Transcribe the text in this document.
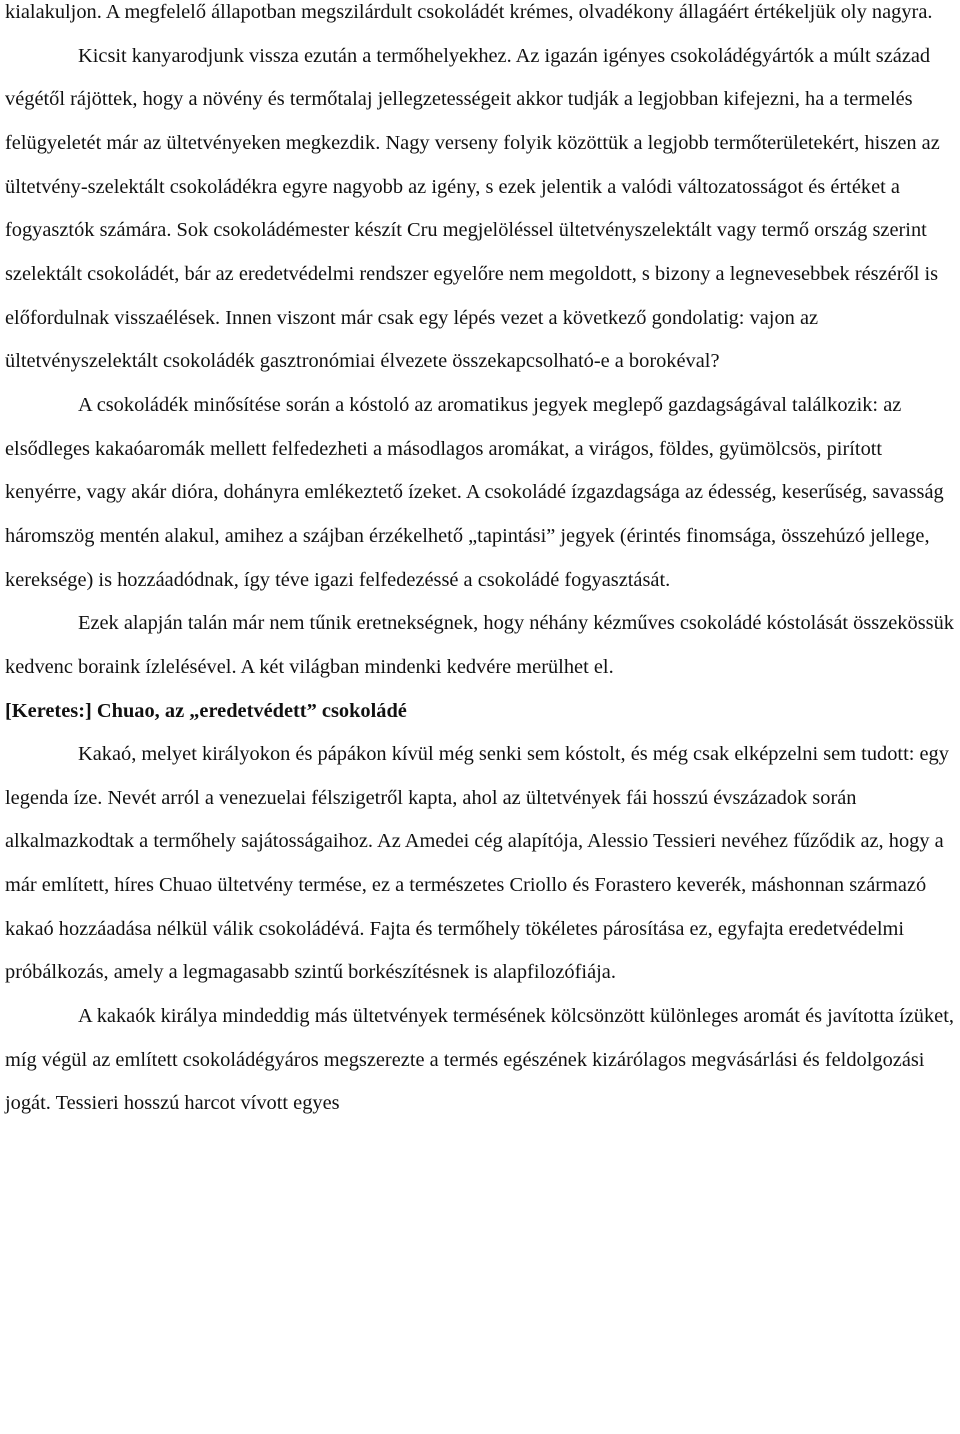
kialakuljon. A megfelelő állapotban megszilárdult csokoládét krémes, olvadékony állagáért értékeljük oly nagyra.

Kicsit kanyarodjunk vissza ezután a termőhelyekhez. Az igazán igényes csokoládégyártók a múlt század végétől rájöttek, hogy a növény és termőtalaj jellegzetességeit akkor tudják a legjobban kifejezni, ha a termelés felügyeletét már az ültetvényeken megkezdik. Nagy verseny folyik közöttük a legjobb termőterületekért, hiszen az ültetvény-szelektált csokoládékra egyre nagyobb az igény, s ezek jelentik a valódi változatosságot és értéket a fogyasztók számára. Sok csokoládémester készít Cru megjelöléssel ültetvényszelektált vagy termő ország szerint szelektált csokoládét, bár az eredetvédelmi rendszer egyelőre nem megoldott, s bizony a legnevesebbek részéről is előfordulnak visszaélések. Innen viszont már csak egy lépés vezet a következő gondolatig: vajon az ültetvényszelektált csokoládék gasztronómiai élvezete összekapcsolható-e a borokéval?

A csokoládék minősítése során a kóstoló az aromatikus jegyek meglepő gazdagságával találkozik: az elsődleges kakaóaromák mellett felfedezheti a másodlagos aromákat, a virágos, földes, gyümölcsös, pirított kenyérre, vagy akár dióra, dohányra emlékeztető ízeket. A csokoládé ízgazdagsága az édesség, keserűség, savasság háromszög mentén alakul, amihez a szájban érzékelhető „tapintási” jegyek (érintés finomsága, összehúzó jellege, kereksége) is hozzáadódnak, így téve igazi felfedezéssé a csokoládé fogyasztását.

Ezek alapján talán már nem tűnik eretnekségnek, hogy néhány kézműves csokoládé kóstolását összekössük kedvenc boraink ízlelésével. A két világban mindenki kedvére merülhet el.

[Keretes:] Chuao, az „eredetvédett” csokoládé

Kakaó, melyet királyokon és pápákon kívül még senki sem kóstolt, és még csak elképzelni sem tudott: egy legenda íze. Nevét arról a venezuelai félszigetről kapta, ahol az ültetvények fái hosszú évszázadok során alkalmazkodtak a termőhely sajátosságaihoz. Az Amedei cég alapítója, Alessio Tessieri nevéhez fűződik az, hogy a már említett, híres Chuao ültetvény termése, ez a természetes Criollo és Forastero keverék, máshonnan származó kakaó hozzáadása nélkül válik csokoládévá. Fajta és termőhely tökéletes párosítása ez, egyfajta eredetvédelmi próbálkozás, amely a legmagasabb szintű borkészítésnek is alapfilozófiája.

A kakaók királya mindeddig más ültetvények termésének kölcsönzött különleges aromát és javította ízüket, míg végül az említett csokoládégyáros megszerezte a termés egészének kizárólagos megvásárlási és feldolgozási jogát. Tessieri hosszú harcot vívott egyes
